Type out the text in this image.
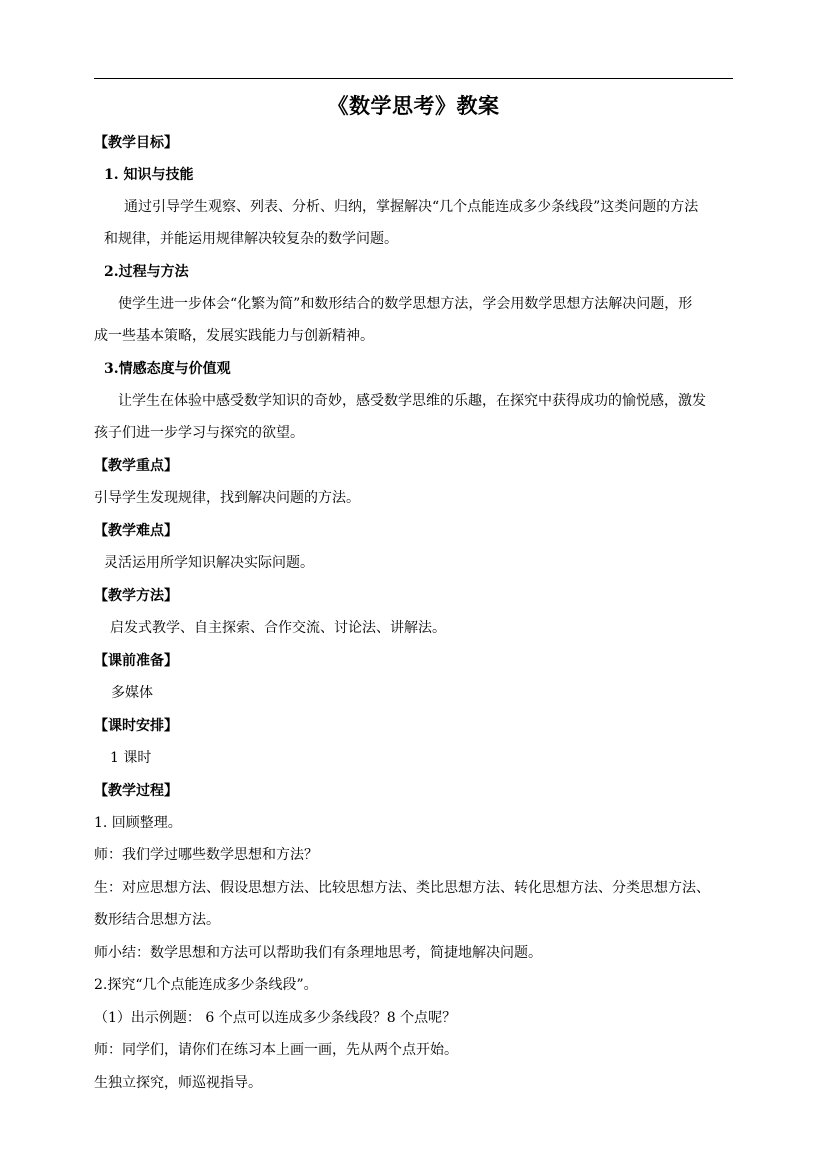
《数学思考》教案
【教学目标】
1. 知识与技能
通过引导学生观察、列表、分析、归纳，掌握解决“几个点能连成多少条线段”这类问题的方法
和规律，并能运用规律解决较复杂的数学问题。
2.过程与方法
使学生进一步体会“化繁为简”和数形结合的数学思想方法，学会用数学思想方法解决问题，形
成一些基本策略，发展实践能力与创新精神。
3.情感态度与价值观
让学生在体验中感受数学知识的奇妙，感受数学思维的乐趣，在探究中获得成功的愉悦感，激发
孩子们进一步学习与探究的欲望。
【教学重点】
引导学生发现规律，找到解决问题的方法。
【教学难点】
灵活运用所学知识解决实际问题。
【教学方法】
启发式教学、自主探索、合作交流、讨论法、讲解法。
【课前准备】
多媒体
【课时安排】
1 课时
【教学过程】
1. 回顾整理。
师：我们学过哪些数学思想和方法？
生：对应思想方法、假设思想方法、比较思想方法、类比思想方法、转化思想方法、分类思想方法、
数形结合思想方法。
师小结：数学思想和方法可以帮助我们有条理地思考，简捷地解决问题。
2.探究“几个点能连成多少条线段”。
（1）出示例题： 6 个点可以连成多少条线段？8 个点呢？
师：同学们，请你们在练习本上画一画，先从两个点开始。
生独立探究，师巡视指导。
